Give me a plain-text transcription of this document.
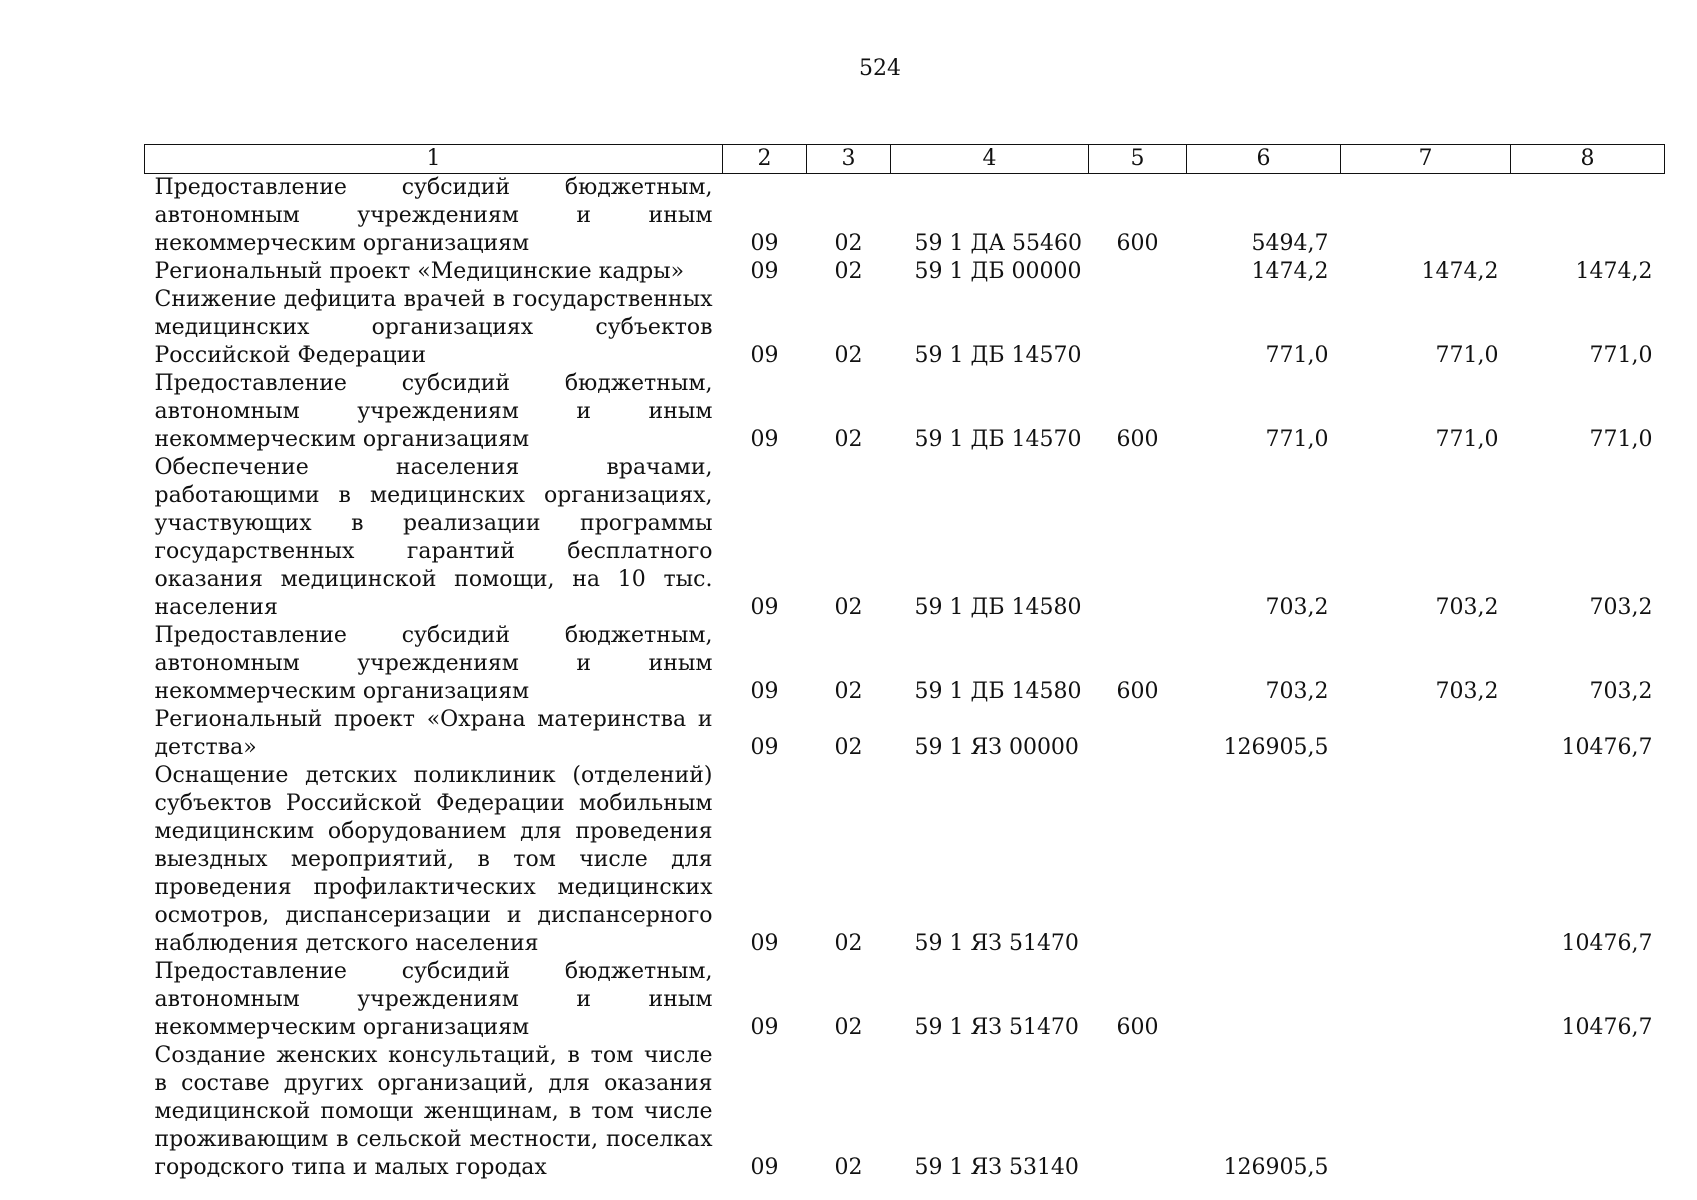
524
1	2	3	4	5	6	7	8
Предоставление субсидий бюджетным, автономным учреждениям и иным некоммерческим организациям	09	02	59 1 ДА 55460	600	5494,7		
Региональный проект «Медицинские кадры»	09	02	59 1 ДБ 00000		1474,2	1474,2	1474,2
Снижение дефицита врачей в государственных медицинских организациях субъектов Российской Федерации	09	02	59 1 ДБ 14570		771,0	771,0	771,0
Предоставление субсидий бюджетным, автономным учреждениям и иным некоммерческим организациям	09	02	59 1 ДБ 14570	600	771,0	771,0	771,0
Обеспечение населения врачами, работающими в медицинских организациях, участвующих в реализации программы государственных гарантий бесплатного оказания медицинской помощи, на 10 тыс. населения	09	02	59 1 ДБ 14580		703,2	703,2	703,2
Предоставление субсидий бюджетным, автономным учреждениям и иным некоммерческим организациям	09	02	59 1 ДБ 14580	600	703,2	703,2	703,2
Региональный проект «Охрана материнства и детства»	09	02	59 1 ЯЗ 00000		126905,5		10476,7
Оснащение детских поликлиник (отделений) субъектов Российской Федерации мобильным медицинским оборудованием для проведения выездных мероприятий, в том числе для проведения профилактических медицинских осмотров, диспансеризации и диспансерного наблюдения детского населения	09	02	59 1 ЯЗ 51470				10476,7
Предоставление субсидий бюджетным, автономным учреждениям и иным некоммерческим организациям	09	02	59 1 ЯЗ 51470	600			10476,7
Создание женских консультаций, в том числе в составе других организаций, для оказания медицинской помощи женщинам, в том числе проживающим в сельской местности, поселках городского типа и малых городах	09	02	59 1 ЯЗ 53140		126905,5		
